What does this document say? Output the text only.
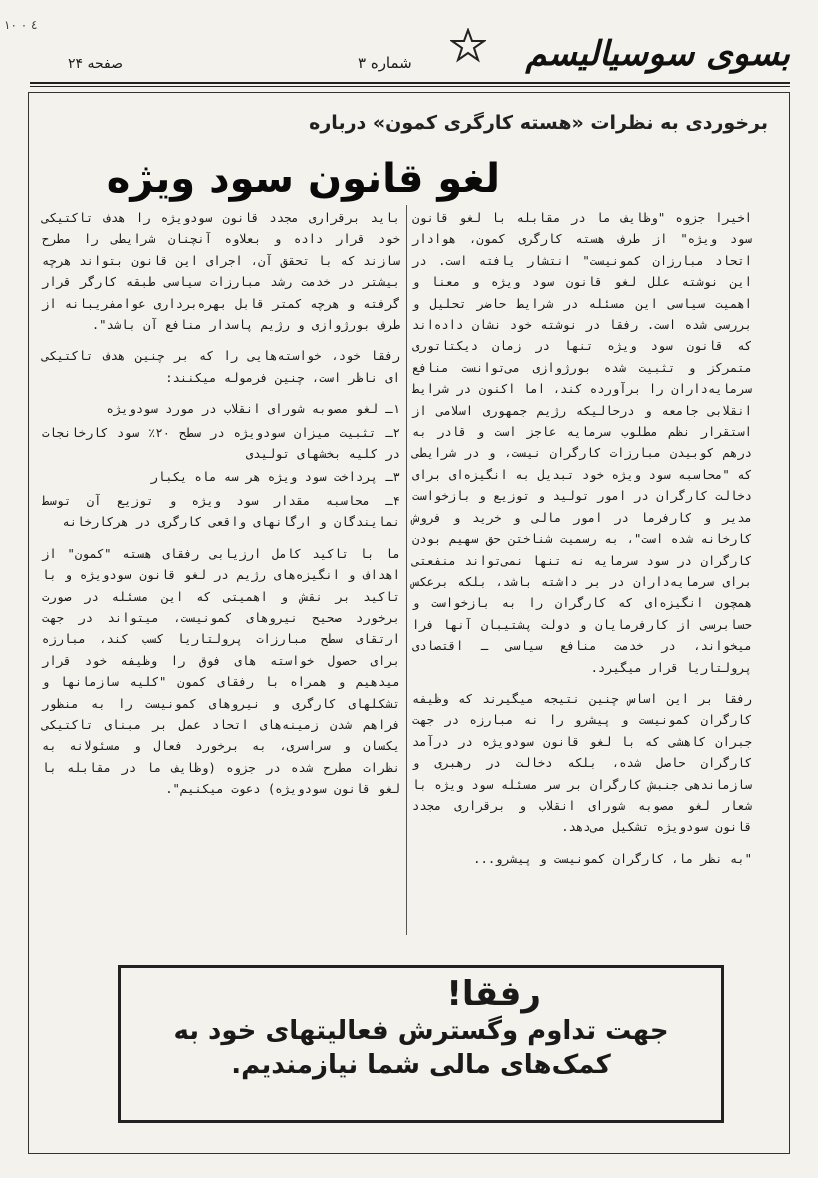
بسوی سوسیالیسم
شماره ۳
صفحه ۲۴
٤ ٠ ١٠
برخوردی به نظرات «هسته کارگری کمون» درباره
لغو قانون سود ویژه

اخیرا جزوه "وظایف ما در مقابله با لغو قانون سود ویژه" از طرف هسته کارگری کمون، هوادار اتحاد مبارزان کمونیست" انتشار یافته است. در این نوشته علل لغو قانون سود ویژه و معنا و اهمیت سیاسی این مسئله در شرایط حاضر تحلیل و بررسی شده است. رفقا در نوشته خود نشان داده‌اند که قانون سود ویژه تنها در زمان دیکتاتوری متمرکز و تثبیت شده بورژوازی می‌توانست منافع سرمایه‌داران را برآورده کند، اما اکنون در شرایط انقلابی جامعه و درحالیکه رژیم جمهوری اسلامی از استقرار نظم مطلوب سرمایه عاجز است و قادر به درهم کوبیدن مبارزات کارگران نیست، و در شرایطی که "محاسبه سود ویژه خود تبدیل به انگیزه‌ای برای دخالت کارگران در امور تولید و توزیع و بازخواست مدیر و کارفرما در امور مالی و خرید و فروش کارخانه شده است"، به رسمیت شناختن حق سهیم بودن کارگران در سود سرمایه نه تنها نمی‌تواند منفعتی برای سرمایه‌داران در بر داشته باشد، بلکه برعکس همچون انگیزه‌ای که کارگران را به بازخواست و حسابرسی از کارفرمایان و دولت پشتیبان آنها فرا میخواند، در خدمت منافع سیاسی ـ اقتصادی پرولتاریا قرار میگیرد.

رفقا بر این اساس چنین نتیجه میگیرند که وظیفه کارگران کمونیست و پیشرو را نه مبارزه در جهت جبران کاهشی که با لغو قانون سودویژه در درآمد کارگران حاصل شده، بلکه دخالت در رهبری و سازماندهی جنبش کارگران بر سر مسئله سود ویژه با شعار لغو مصوبه شورای انقلاب و برقراری مجدد قانون سودویژه تشکیل می‌دهد.

"به نظر ما، کارگران کمونیست و پیشرو...

باید برقراری مجدد قانون سودویژه را هدف تاکتیکی خود قرار داده و بعلاوه آنچنان شرایطی را مطرح سازند که با تحقق آن، اجرای این قانون بتواند هرچه بیشتر در خدمت رشد مبارزات سیاسی طبقه کارگر قرار گرفته و هرچه کمتر قابل بهره‌برداری عوامفریبانه از طرف بورژوازی و رژیم پاسدار منافع آن باشد".

رفقا خود، خواسته‌هایی را که بر چنین هدف تاکتیکی ای ناظر است، چنین فرموله میکنند:

۱ـ لغو مصوبه شورای انقلاب در مورد سودویژه
۲ـ تثبیت میزان سودویژه در سطح ۲۰٪ سود کارخانجات در کلیه بخشهای تولیدی
۳ـ پرداخت سود ویژه هر سه ماه یکبار
۴ـ محاسبه مقدار سود ویژه و توزیع آن توسط نمایندگان و ارگانهای واقعی کارگری در هرکارخانه

ما با تاکید کامل ارزیابی رفقای هسته "کمون" از اهداف و انگیزه‌های رژیم در لغو قانون سودویژه و با تاکید بر نقش و اهمیتی که این مسئله در صورت برخورد صحیح نیروهای کمونیست، میتواند در جهت ارتقای سطح مبارزات پرولتاریا کسب کند، مبارزه برای حصول خواسته های فوق را وظیفه خود قرار میدهیم و همراه با رفقای کمون "کلیه سازمانها و تشکلهای کارگری و نیروهای کمونیست را به منظور فراهم شدن زمینه‌های اتحاد عمل بر مبنای تاکتیکی یکسان و سراسری، به برخورد فعال و مسئولانه به نظرات مطرح شده در جزوه (وظایف ما در مقابله با لغو قانون سودویژه) دعوت میکنیم".

رفقا!
جهت تداوم وگسترش فعالیتهای خود به
کمک‌های مالی شما نیازمندیم.
